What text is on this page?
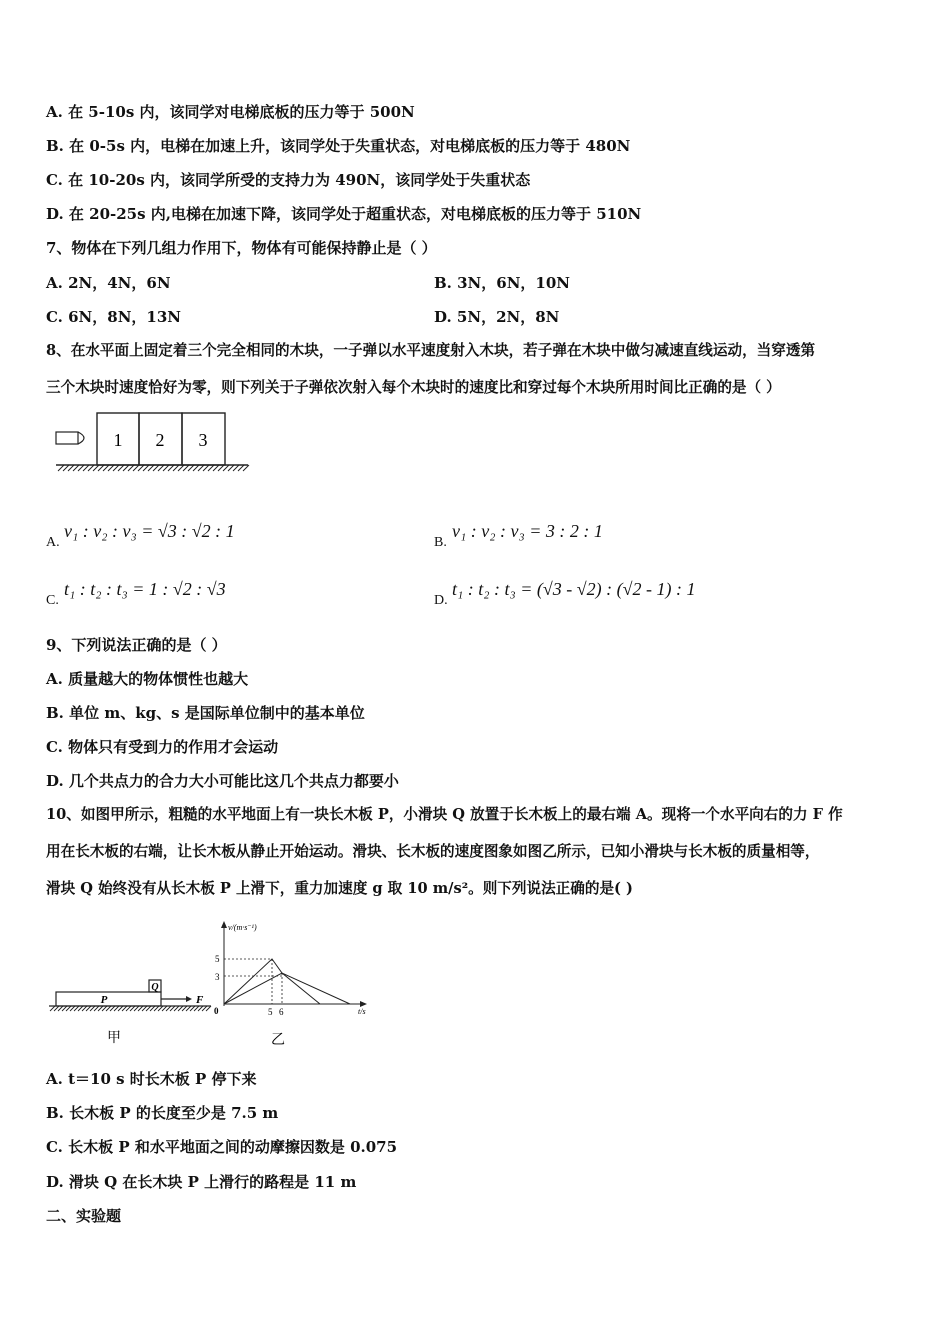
A. 在 5-10s 内，该同学对电梯底板的压力等于 500N
B. 在 0-5s 内，电梯在加速上升，该同学处于失重状态，对电梯底板的压力等于 480N
C. 在 10-20s 内，该同学所受的支持力为 490N，该同学处于失重状态
D. 在 20-25s 内,电梯在加速下降，该同学处于超重状态，对电梯底板的压力等于 510N
7、物体在下列几组力作用下，物体有可能保持静止是（ ）
A. 2N，4N，6N	B. 3N，6N，10N
C. 6N，8N，13N	D. 5N，2N，8N
8、在水平面上固定着三个完全相同的木块，一子弹以水平速度射入木块，若子弹在木块中做匀减速直线运动，当穿透第
三个木块时速度恰好为零，则下列关于子弹依次射入每个木块时的速度比和穿过每个木块所用时间比正确的是（ ）
1 2 3
A.
v₁ : v₂ : v₃ = √3 : √2 : 1
B.
v₁ : v₂ : v₃ = 3 : 2 : 1
C.
t₁ : t₂ : t₃ = 1 : √2 : √3
D.
t₁ : t₂ : t₃ = (√3 - √2) : (√2 - 1) : 1
9、下列说法正确的是（ ）
A. 质量越大的物体惯性也越大
B. 单位 m、kg、s 是国际单位制中的基本单位
C. 物体只有受到力的作用才会运动
D. 几个共点力的合力大小可能比这几个共点力都要小
10、如图甲所示，粗糙的水平地面上有一块长木板 P，小滑块 Q 放置于长木板上的最右端 A。现将一个水平向右的力 F 作
用在长木板的右端，让长木板从静止开始运动。滑块、长木板的速度图象如图乙所示，已知小滑块与长木板的质量相等，
滑块 Q 始终没有从长木板 P 上滑下，重力加速度 g 取 10 m/s²。则下列说法正确的是( )
P
Q
F
甲
v/(m·s⁻¹)
t/s
0
5
3
5 6
乙
A. t＝10 s 时长木板 P 停下来
B. 长木板 P 的长度至少是 7.5 m
C. 长木板 P 和水平地面之间的动摩擦因数是 0.075
D. 滑块 Q 在长木块 P 上滑行的路程是 11 m
二、实验题
